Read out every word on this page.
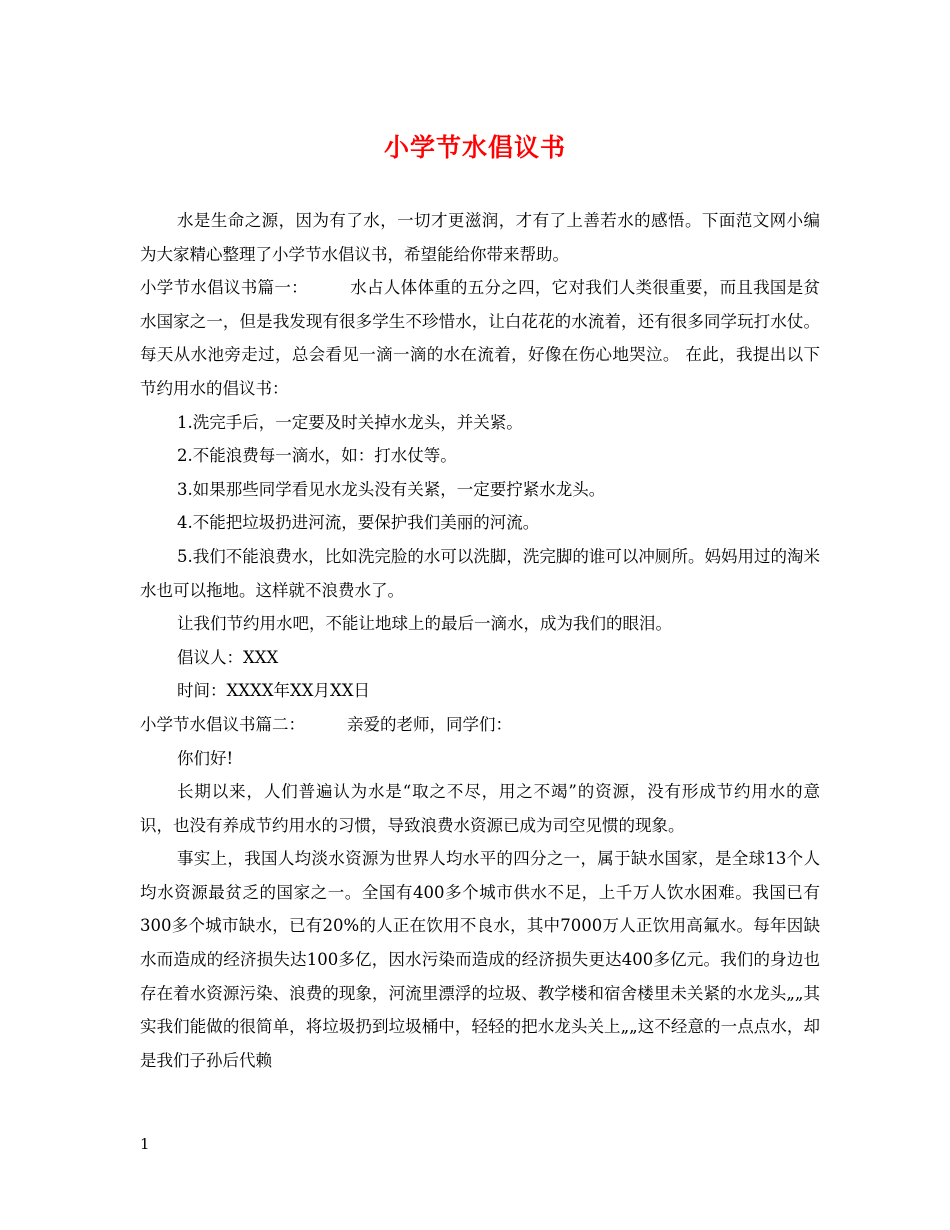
小学节水倡议书

水是生命之源，因为有了水，一切才更滋润，才有了上善若水的感悟。下面范文网小编为大家精心整理了小学节水倡议书，希望能给你带来帮助。

小学节水倡议书篇一：	水占人体体重的五分之四，它对我们人类很重要，而且我国是贫水国家之一，但是我发现有很多学生不珍惜水，让白花花的水流着，还有很多同学玩打水仗。每天从水池旁走过，总会看见一滴一滴的水在流着，好像在伤心地哭泣。 在此，我提出以下节约用水的倡议书：

1.洗完手后，一定要及时关掉水龙头，并关紧。

2.不能浪费每一滴水，如：打水仗等。

3.如果那些同学看见水龙头没有关紧，一定要拧紧水龙头。

4.不能把垃圾扔进河流，要保护我们美丽的河流。

5.我们不能浪费水，比如洗完脸的水可以洗脚，洗完脚的谁可以冲厕所。妈妈用过的淘米水也可以拖地。这样就不浪费水了。

让我们节约用水吧，不能让地球上的最后一滴水，成为我们的眼泪。

倡议人：XXX

时间：XXXX年XX月XX日

小学节水倡议书篇二：	亲爱的老师，同学们：

你们好!

长期以来，人们普遍认为水是“取之不尽，用之不竭”的资源，没有形成节约用水的意识，也没有养成节约用水的习惯，导致浪费水资源已成为司空见惯的现象。

事实上，我国人均淡水资源为世界人均水平的四分之一，属于缺水国家，是全球13个人均水资源最贫乏的国家之一。全国有400多个城市供水不足，上千万人饮水困难。我国已有300多个城市缺水，已有20%的人正在饮用不良水，其中7000万人正饮用高氟水。每年因缺水而造成的经济损失达100多亿，因水污染而造成的经济损失更达400多亿元。我们的身边也存在着水资源污染、浪费的现象，河流里漂浮的垃圾、教学楼和宿舍楼里未关紧的水龙头„„其实我们能做的很简单，将垃圾扔到垃圾桶中，轻轻的把水龙头关上„„这不经意的一点点水，却是我们子孙后代赖

1
